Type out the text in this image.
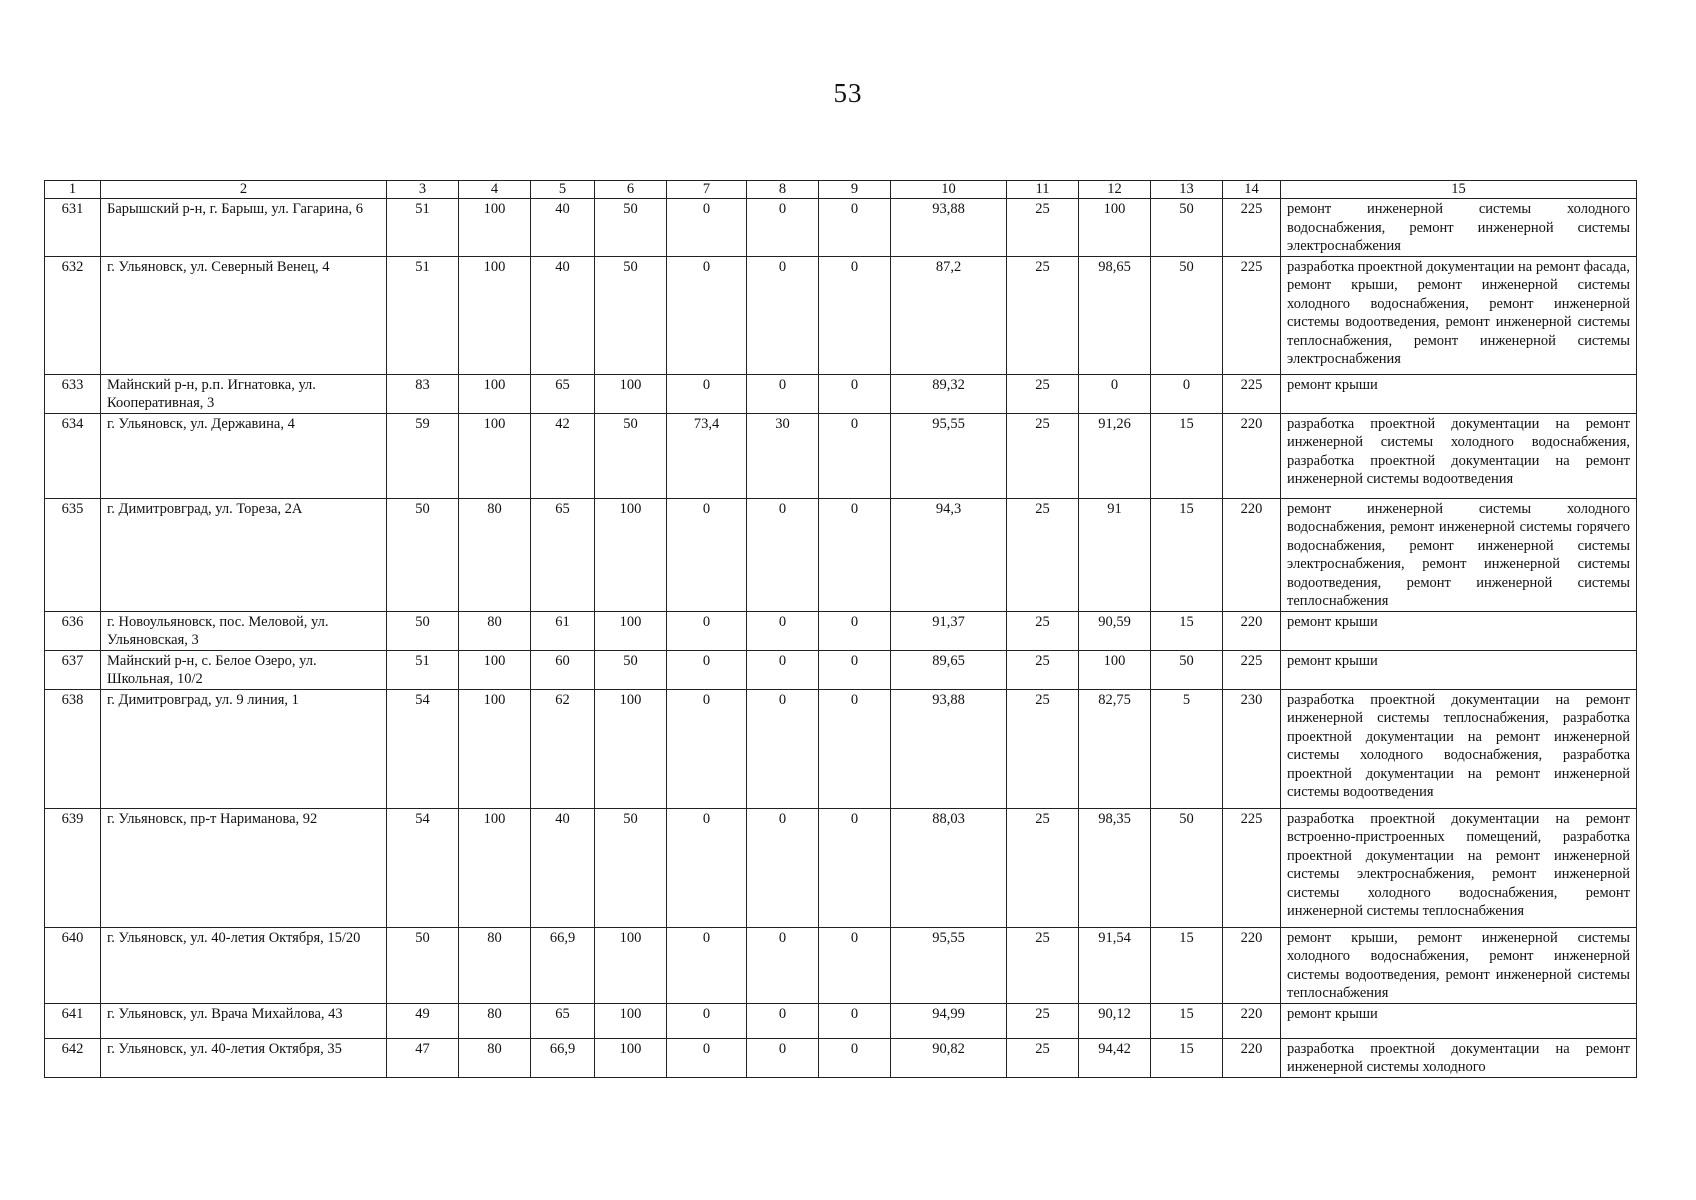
53
1	2	3	4	5	6	7	8	9	10	11	12	13	14	15
631	Барышский р-н, г. Барыш, ул. Гагарина, 6	51	100	40	50	0	0	0	93,88	25	100	50	225	ремонт инженерной системы холодного водоснабжения, ремонт инженерной системы электроснабжения
632	г. Ульяновск, ул. Северный Венец, 4	51	100	40	50	0	0	0	87,2	25	98,65	50	225	разработка проектной документации на ремонт фасада, ремонт крыши, ремонт инженерной системы холодного водоснабжения, ремонт инженерной системы водоотведения, ремонт инженерной системы теплоснабжения, ремонт инженерной системы электроснабжения
633	Майнский р-н, р.п. Игнатовка, ул. Кооперативная, 3	83	100	65	100	0	0	0	89,32	25	0	0	225	ремонт крыши
634	г. Ульяновск, ул. Державина, 4	59	100	42	50	73,4	30	0	95,55	25	91,26	15	220	разработка проектной документации на ремонт инженерной системы холодного водоснабжения, разработка проектной документации на ремонт инженерной системы водоотведения
635	г. Димитровград, ул. Тореза, 2А	50	80	65	100	0	0	0	94,3	25	91	15	220	ремонт инженерной системы холодного водоснабжения, ремонт инженерной системы горячего водоснабжения, ремонт инженерной системы электроснабжения, ремонт инженерной системы водоотведения, ремонт инженерной системы теплоснабжения
636	г. Новоульяновск, пос. Меловой, ул. Ульяновская, 3	50	80	61	100	0	0	0	91,37	25	90,59	15	220	ремонт крыши
637	Майнский р-н, с. Белое Озеро, ул. Школьная, 10/2	51	100	60	50	0	0	0	89,65	25	100	50	225	ремонт крыши
638	г. Димитровград, ул. 9 линия, 1	54	100	62	100	0	0	0	93,88	25	82,75	5	230	разработка проектной документации на ремонт инженерной системы теплоснабжения, разработка проектной документации на ремонт инженерной системы холодного водоснабжения, разработка проектной документации на ремонт инженерной системы водоотведения
639	г. Ульяновск, пр-т Нариманова, 92	54	100	40	50	0	0	0	88,03	25	98,35	50	225	разработка проектной документации на ремонт встроенно-пристроенных помещений, разработка проектной документации на ремонт инженерной системы электроснабжения, ремонт инженерной системы холодного водоснабжения, ремонт инженерной системы теплоснабжения
640	г. Ульяновск, ул. 40-летия Октября, 15/20	50	80	66,9	100	0	0	0	95,55	25	91,54	15	220	ремонт крыши, ремонт инженерной системы холодного водоснабжения, ремонт инженерной системы водоотведения, ремонт инженерной системы теплоснабжения
641	г. Ульяновск, ул. Врача Михайлова, 43	49	80	65	100	0	0	0	94,99	25	90,12	15	220	ремонт крыши
642	г. Ульяновск, ул. 40-летия Октября, 35	47	80	66,9	100	0	0	0	90,82	25	94,42	15	220	разработка проектной документации на ремонт инженерной системы холодного
